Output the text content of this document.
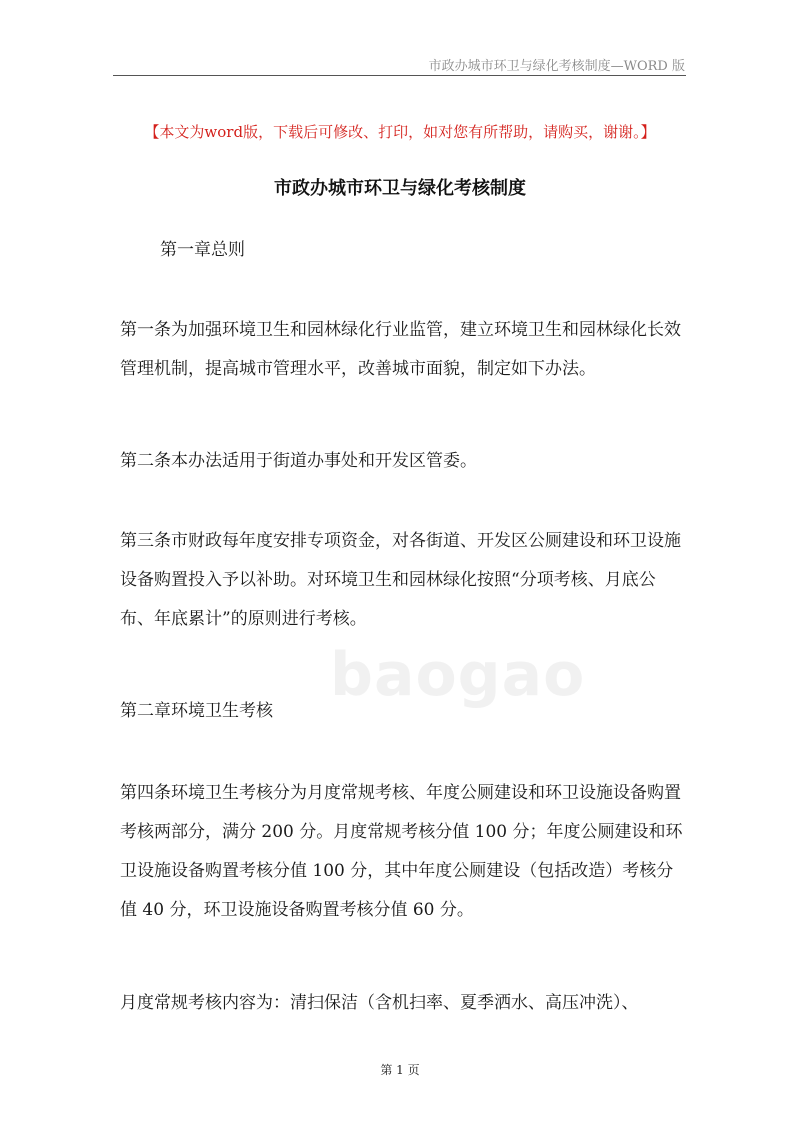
市政办城市环卫与绿化考核制度—WORD 版
【本文为word版，下载后可修改、打印，如对您有所帮助，请购买，谢谢。】
市政办城市环卫与绿化考核制度
第一章总则
第一条为加强环境卫生和园林绿化行业监管，建立环境卫生和园林绿化长效管理机制，提高城市管理水平，改善城市面貌，制定如下办法。
第二条本办法适用于街道办事处和开发区管委。
第三条市财政每年度安排专项资金，对各街道、开发区公厕建设和环卫设施设备购置投入予以补助。对环境卫生和园林绿化按照“分项考核、月底公布、年底累计”的原则进行考核。
第二章环境卫生考核
第四条环境卫生考核分为月度常规考核、年度公厕建设和环卫设施设备购置考核两部分，满分 200 分。月度常规考核分值 100 分；年度公厕建设和环卫设施设备购置考核分值 100 分，其中年度公厕建设（包括改造）考核分值 40 分，环卫设施设备购置考核分值 60 分。
月度常规考核内容为：清扫保洁（含机扫率、夏季洒水、高压冲洗）、
baogao
第 1 页
